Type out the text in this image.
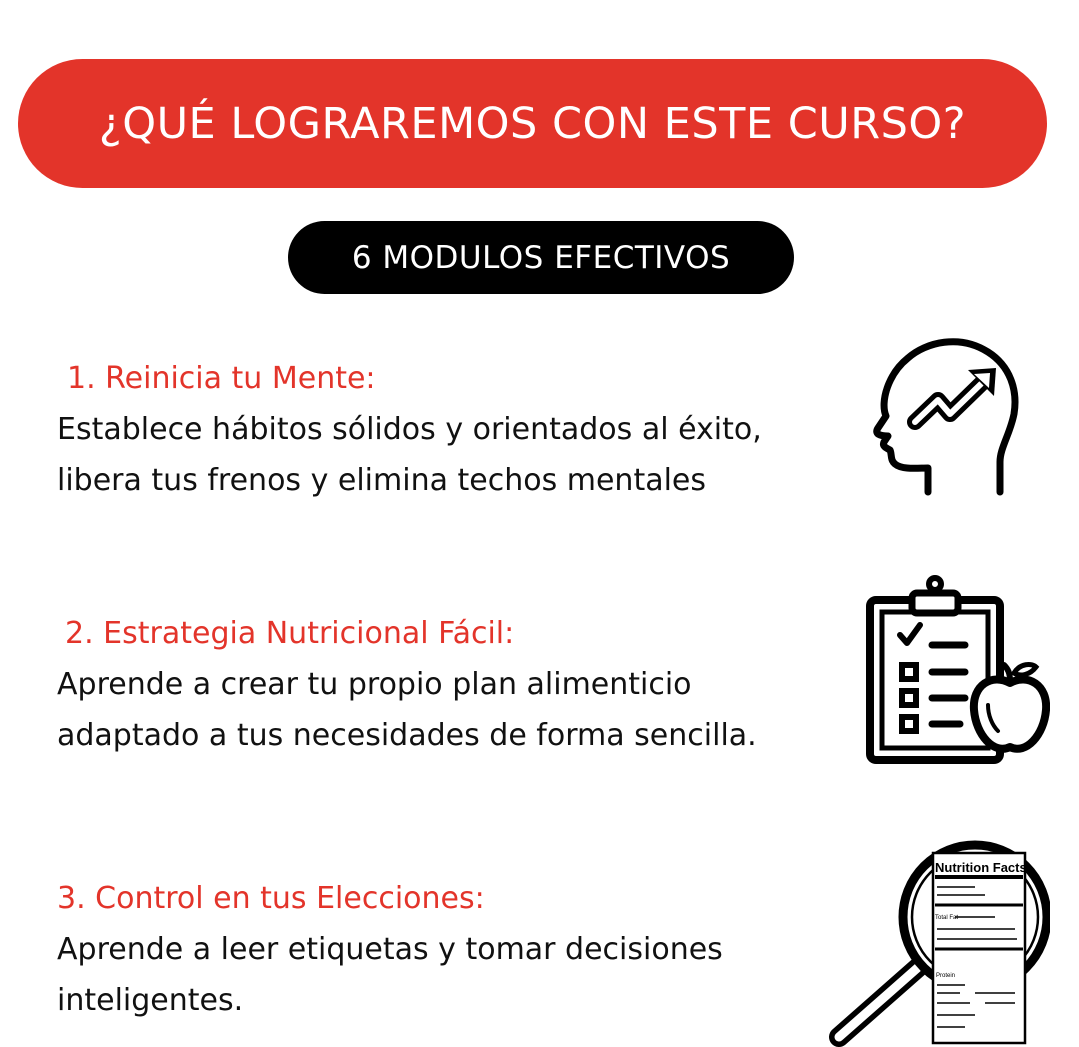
¿QUÉ LOGRAREMOS CON ESTE CURSO?
6 MODULOS EFECTIVOS
1. Reinicia tu Mente:
Establece hábitos sólidos y orientados al éxito, libera tus frenos y elimina techos mentales
2. Estrategia Nutricional Fácil:
Aprende a crear tu propio plan alimenticio adaptado a tus necesidades de forma sencilla.
3. Control en tus Elecciones:
Aprende a leer etiquetas y tomar decisiones inteligentes.
Nutrition Facts
Total Fat
Protein
